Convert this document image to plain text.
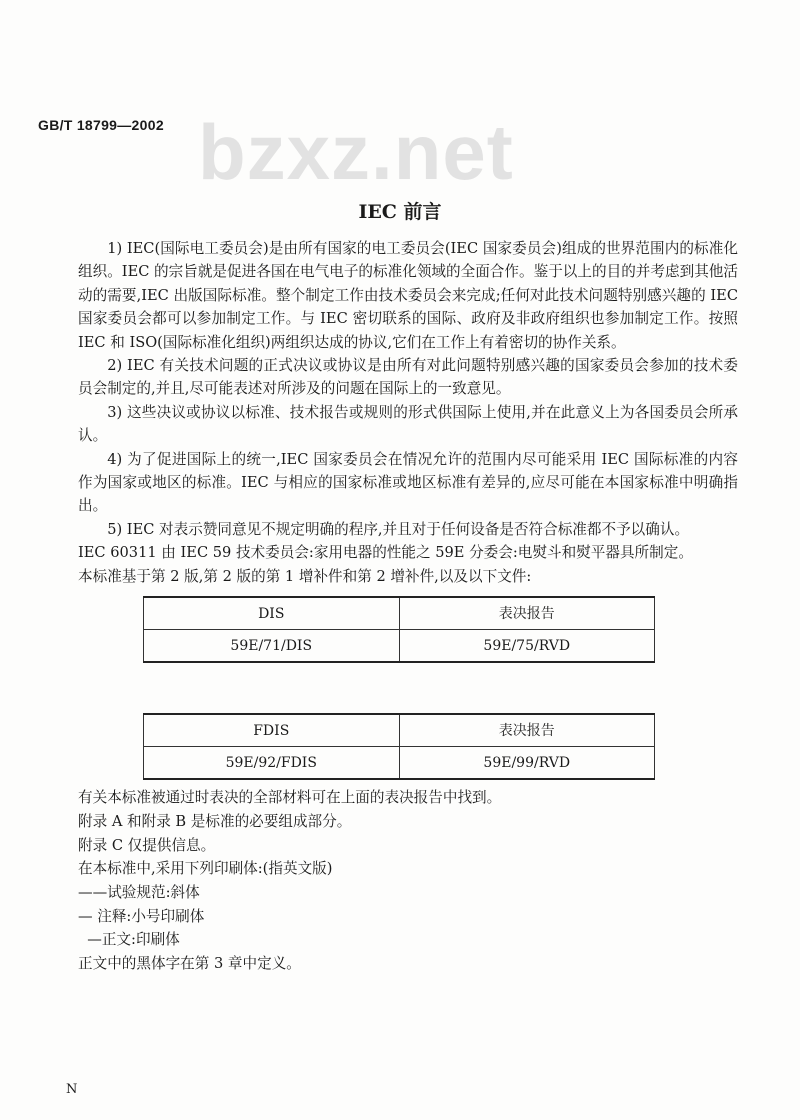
bzxz.net
GB/T 18799—2002
IEC 前言

1) IEC(国际电工委员会)是由所有国家的电工委员会(IEC 国家委员会)组成的世界范围内的标准化组织。IEC 的宗旨就是促进各国在电气电子的标准化领域的全面合作。鉴于以上的目的并考虑到其他活动的需要,IEC 出版国际标准。整个制定工作由技术委员会来完成;任何对此技术问题特别感兴趣的 IEC 国家委员会都可以参加制定工作。与 IEC 密切联系的国际、政府及非政府组织也参加制定工作。按照 IEC 和 ISO(国际标准化组织)两组织达成的协议,它们在工作上有着密切的协作关系。

2) IEC 有关技术问题的正式决议或协议是由所有对此问题特别感兴趣的国家委员会参加的技术委员会制定的,并且,尽可能表述对所涉及的问题在国际上的一致意见。

3) 这些决议或协议以标准、技术报告或规则的形式供国际上使用,并在此意义上为各国委员会所承认。

4) 为了促进国际上的统一,IEC 国家委员会在情况允许的范围内尽可能采用 IEC 国际标准的内容作为国家或地区的标准。IEC 与相应的国家标准或地区标准有差异的,应尽可能在本国家标准中明确指出。

5) IEC 对表示赞同意见不规定明确的程序,并且对于任何设备是否符合标准都不予以确认。

IEC 60311 由 IEC 59 技术委员会:家用电器的性能之 59E 分委会:电熨斗和熨平器具所制定。

本标准基于第 2 版,第 2 版的第 1 增补件和第 2 增补件,以及以下文件:

DIS	表决报告
59E/71/DIS	59E/75/RVD
FDIS	表决报告
59E/92/FDIS	59E/99/RVD

有关本标准被通过时表决的全部材料可在上面的表决报告中找到。

附录 A 和附录 B 是标准的必要组成部分。

附录 C 仅提供信息。

在本标准中,采用下列印刷体:(指英文版)

——试验规范:斜体

— 注释:小号印刷体

—正文:印刷体

正文中的黑体字在第 3 章中定义。

N
